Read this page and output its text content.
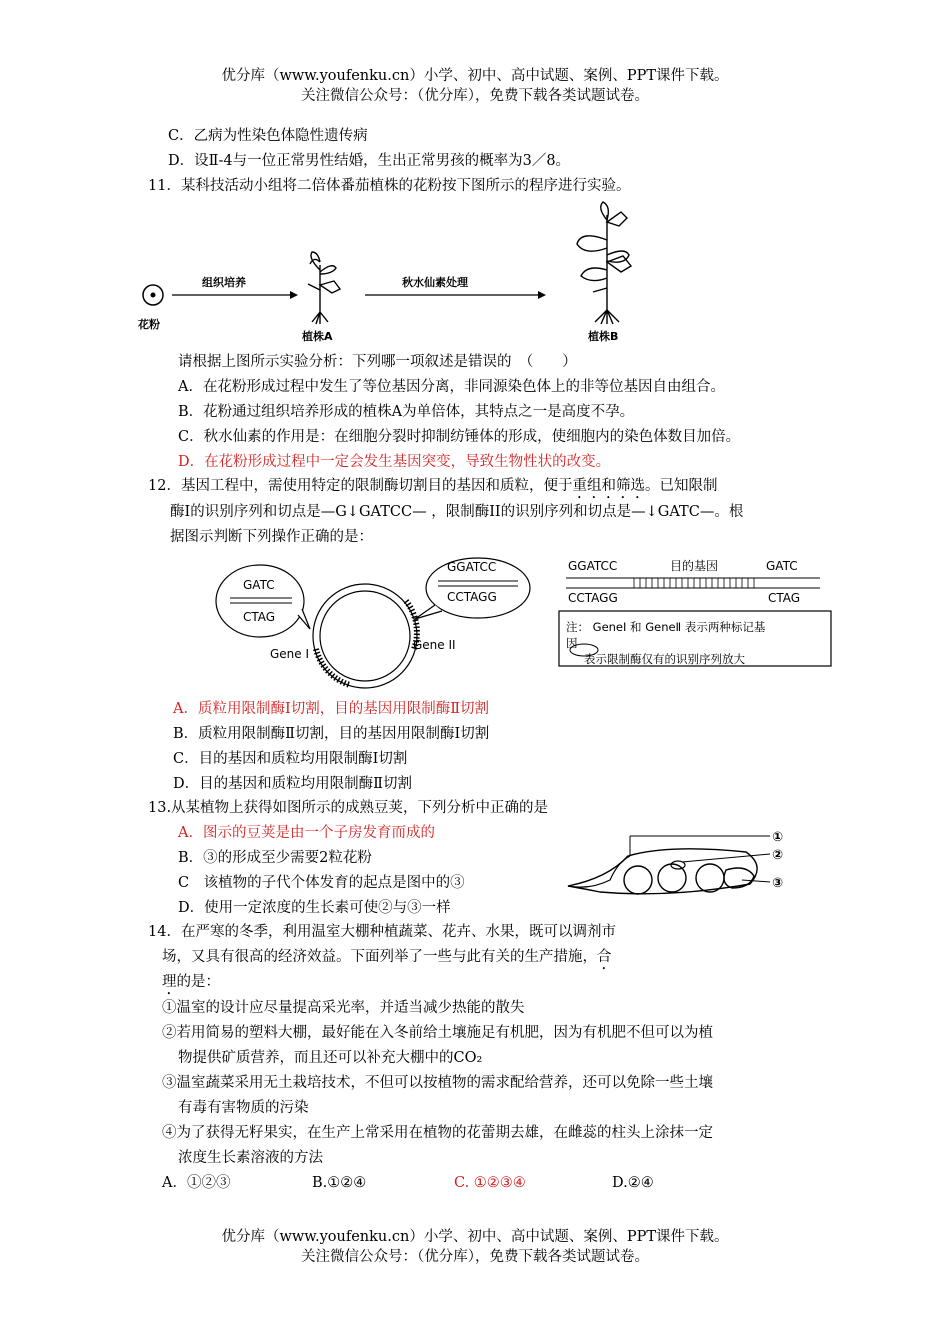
优分库（www.youfenku.cn）小学、初中、高中试题、案例、PPT课件下载。
关注微信公众号：（优分库），免费下载各类试题试卷。
C．乙病为性染色体隐性遗传病
D．设Ⅱ-4与一位正常男性结婚，生出正常男孩的概率为3／8。
11．某科技活动小组将二倍体番茄植株的花粉按下图所示的程序进行实验。
花粉
组织培养
植株A
秋水仙素处理
植株B
请根据上图所示实验分析：下列哪一项叙述是错误的　（　　）
A．在花粉形成过程中发生了等位基因分离，非同源染色体上的非等位基因自由组合。
B．花粉通过组织培养形成的植株A为单倍体，其特点之一是高度不孕。
C．秋水仙素的作用是：在细胞分裂时抑制纺锤体的形成，使细胞内的染色体数目加倍。
D．在花粉形成过程中一定会发生基因突变，导致生物性状的改变。
12．基因工程中，需使用特定的限制酶切割目的基因和质粒，便于重组和筛选。已知限制
酶Ⅰ的识别序列和切点是—G↓GATCC— ，限制酶II的识别序列和切点是—↓GATC—。根
据图示判断下列操作正确的是：
GATC
CTAG
Gene I
Gene II
GGATCC
CCTAGG
GGATCC	目的基因	GATC
CCTAGG	CTAG
注： GeneⅠ 和 GeneⅡ 表示两种标记基
因
表示限制酶仅有的识别序列放大
A．质粒用限制酶Ⅰ切割，目的基因用限制酶Ⅱ切割
B．质粒用限制酶Ⅱ切割，目的基因用限制酶Ⅰ切割
C．目的基因和质粒均用限制酶Ⅰ切割
D．目的基因和质粒均用限制酶Ⅱ切割
13.从某植物上获得如图所示的成熟豆荚，下列分析中正确的是
A．图示的豆荚是由一个子房发育而成的
B．③的形成至少需要2粒花粉
C　该植物的子代个体发育的起点是图中的③
D．使用一定浓度的生长素可使②与③一样
①
②
③
14．在严寒的冬季，利用温室大棚种植蔬菜、花卉、水果，既可以调剂市
场，又具有很高的经济效益。下面列举了一些与此有关的生产措施，合
理的是：
①温室的设计应尽量提高采光率，并适当减少热能的散失
②若用简易的塑料大棚，最好能在入冬前给土壤施足有机肥，因为有机肥不但可以为植
物提供矿质营养，而且还可以补充大棚中的CO₂
③温室蔬菜采用无土栽培技术，不但可以按植物的需求配给营养，还可以免除一些土壤
有毒有害物质的污染
④为了获得无籽果实，在生产上常采用在植物的花蕾期去雄，在雌蕊的柱头上涂抹一定
浓度生长素溶液的方法
A．①②③	B.①②④	C. ①②③④	D.②④
优分库（www.youfenku.cn）小学、初中、高中试题、案例、PPT课件下载。
关注微信公众号：（优分库），免费下载各类试题试卷。
